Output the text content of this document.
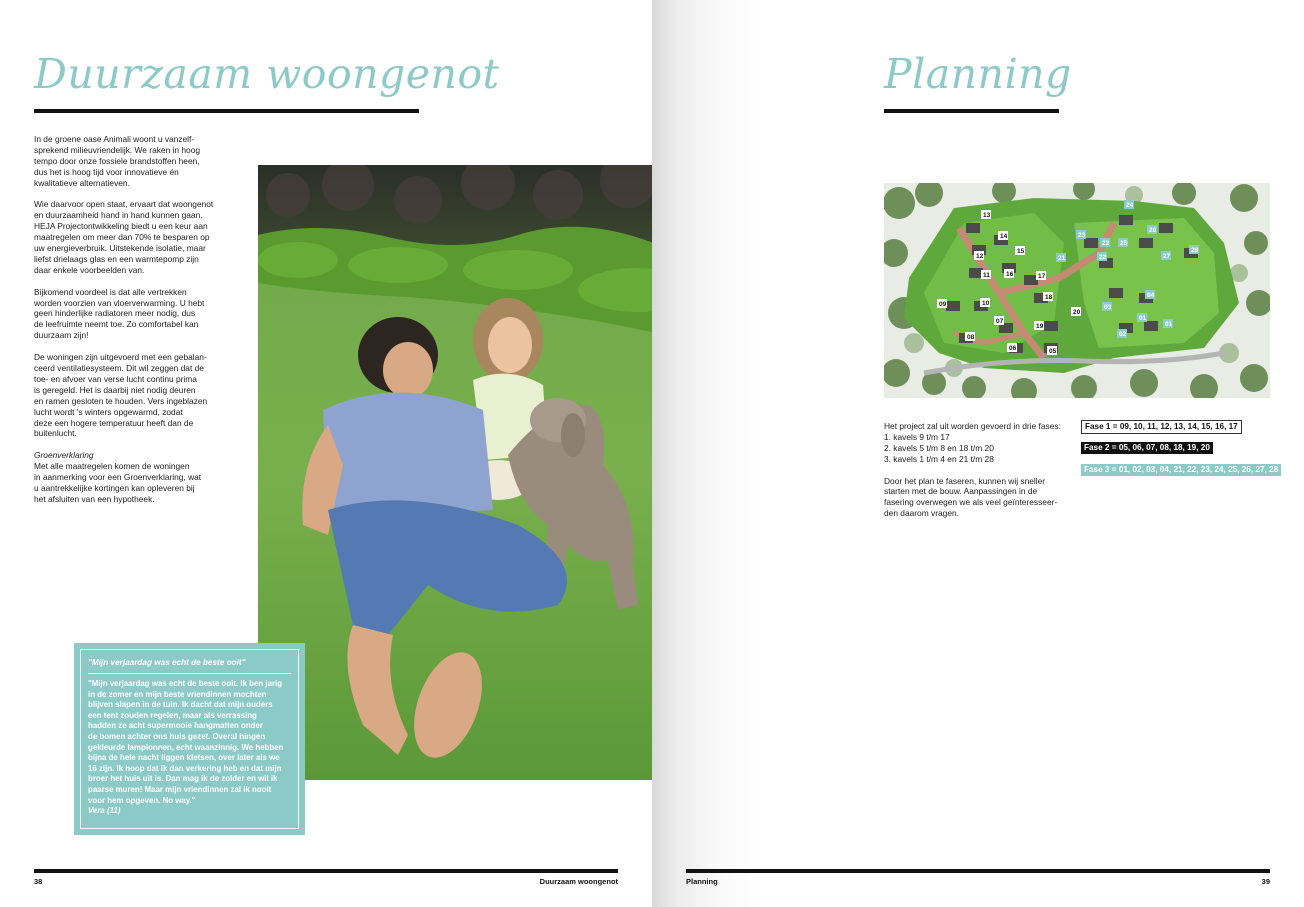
Duurzaam woongenot

In de groene oase Animali woont u vanzelf-
sprekend milieuvriendelijk. We raken in hoog
tempo door onze fossiele brandstoffen heen,
dus het is hoog tijd voor innovatieve én
kwalitatieve alternatieven.

Wie daarvoor open staat, ervaart dat woongenot
en duurzaamheid hand in hand kunnen gaan.
HEJA Projectontwikkeling biedt u een keur aan
maatregelen om meer dan 70% te besparen op
uw energieverbruik. Uitstekende isolatie, maar
liefst drielaags glas en een warmtepomp zijn
daar enkele voorbeelden van.

Bijkomend voordeel is dat alle vertrekken
worden voorzien van vloerverwarming. U hebt
geen hinderlijke radiatoren meer nodig, dus
de leefruimte neemt toe. Zo comfortabel kan
duurzaam zijn!

De woningen zijn uitgevoerd met een gebalan-
ceerd ventilatiesysteem. Dit wil zeggen dat de
toe- en afvoer van verse lucht continu prima
is geregeld. Het is daarbij niet nodig deuren
en ramen gesloten te houden. Vers ingeblazen
lucht wordt 's winters opgewarmd, zodat
deze een hogere temperatuur heeft dan de
buitenlucht.

Groenverklaring

Met alle maatregelen komen de woningen
in aanmerking voor een Groenverklaring, wat
u aantrekkelijke kortingen kan opleveren bij
het afsluiten van een hypotheek.

"Mijn verjaardag was echt de beste ooit"
"Mijn verjaardag was echt de beste ooit. Ik ben jarig
in de zomer en mijn beste vriendinnen mochten
blijven slapen in de tuin. Ik dacht dat mijn ouders
een tent zouden regelen, maar als verrassing
hadden ze acht supermooie hangmatten onder
de bomen achter ons huis gezet. Overal hingen
gekleurde lampionnen, echt waanzinnig. We hebben
bijna de hele nacht liggen kletsen, over later als we
16 zijn. Ik hoop dat ik dan verkering heb en dat mijn
broer het huis uit is. Dan mag ik de zolder en wil ik
paarse muren! Maar mijn vriendinnen zal ik nooit
voor hem opgeven. No way."
Vera (11)
38	Duurzaam woongenot
Planning
13
14
15
12
16	17
11
18
09	10
20
07
19
08
06	05
24
23
22 25
26
21	22	27
28
04
03
01
02
01

Het project zal uit worden gevoerd in drie fases:
1. kavels 9 t/m 17
2. kavels 5 t/m 8 en 18 t/m 20
3. kavels 1 t/m 4 en 21 t/m 28

Door het plan te faseren, kunnen wij sneller
starten met de bouw. Aanpassingen in de
fasering overwegen we als veel geïnteresseer-
den daarom vragen.

Fase 1 = 09, 10, 11, 12, 13, 14, 15, 16, 17
Fase 2 = 05, 06, 07, 08, 18, 19, 20
Fase 3 = 01, 02, 03, 04, 21, 22, 23, 24, 25, 26, 27, 28
Planning	39
